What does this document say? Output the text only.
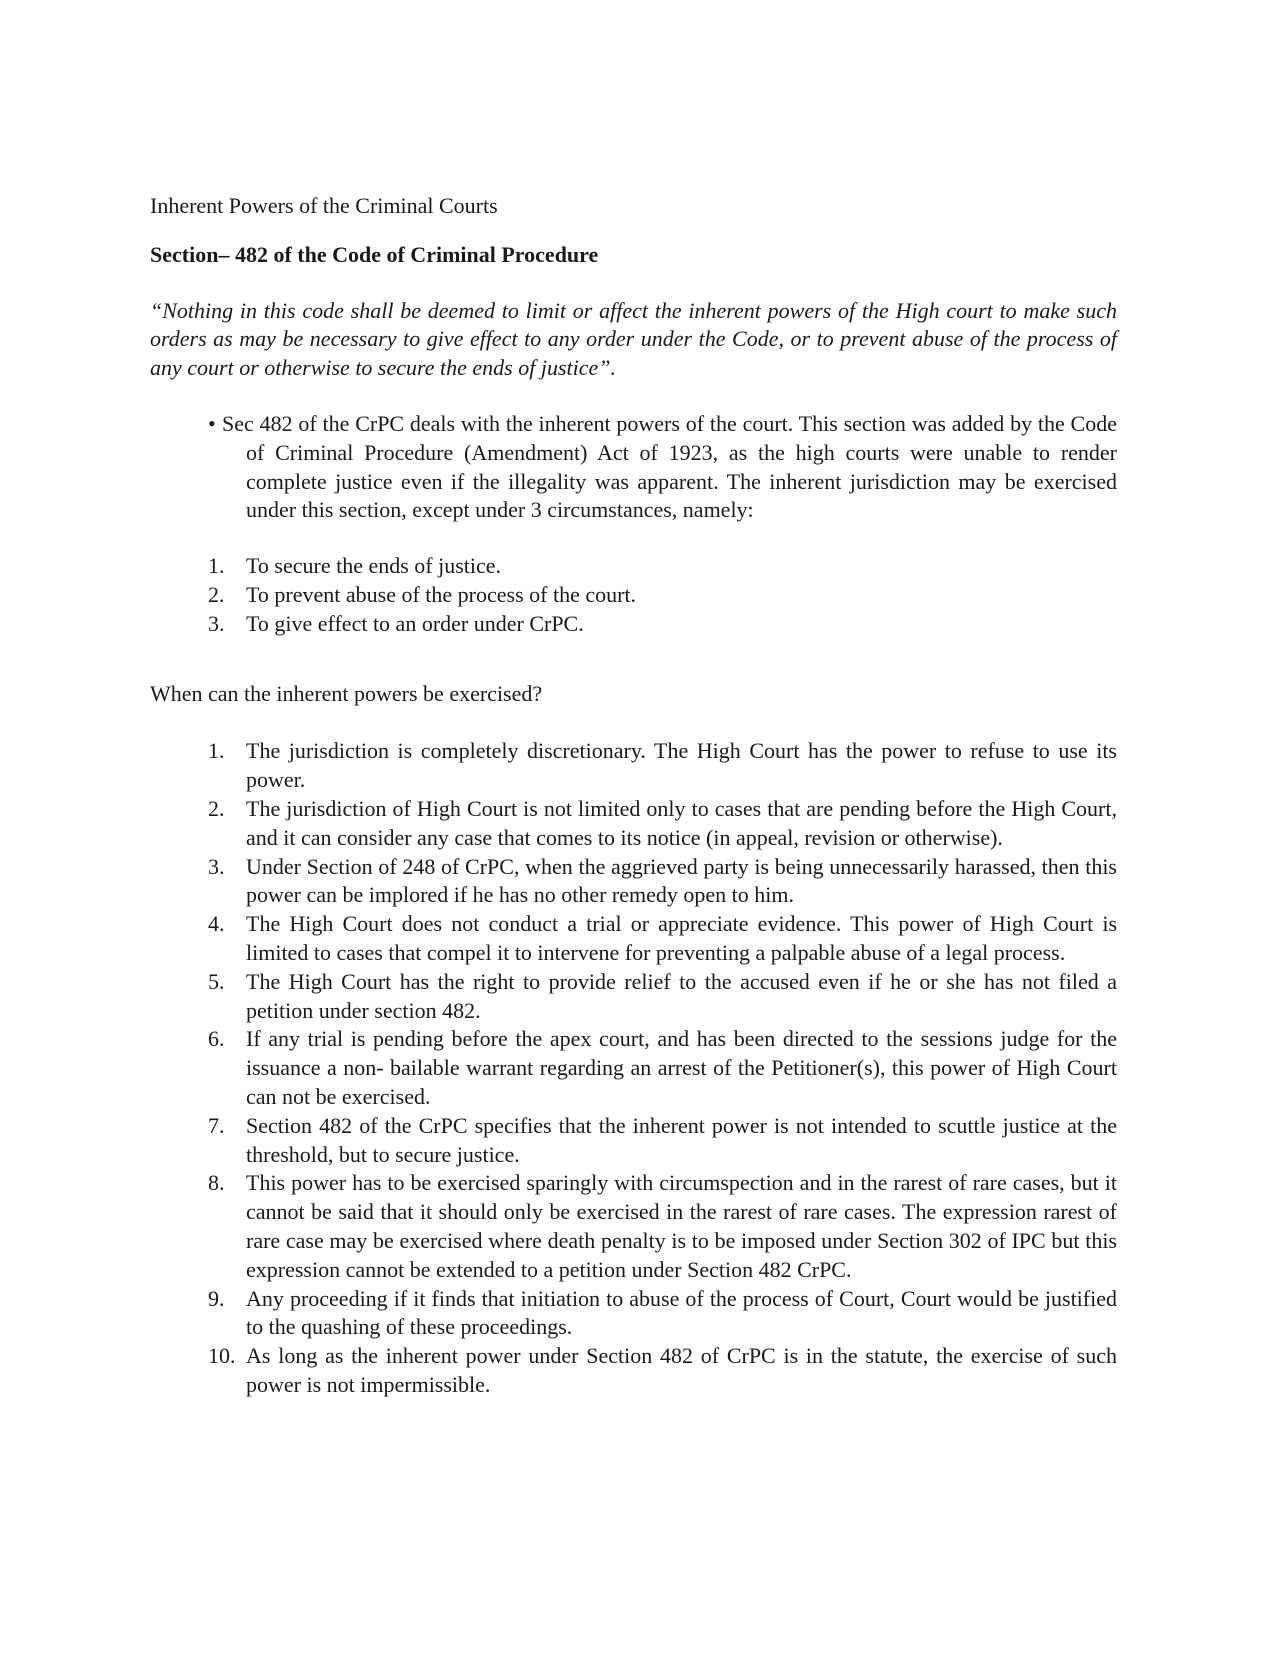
Inherent Powers of the Criminal Courts

Section– 482 of the Code of Criminal Procedure

“Nothing in this code shall be deemed to limit or affect the inherent powers of the High court to make such orders as may be necessary to give effect to any order under the Code, or to prevent abuse of the process of any court or otherwise to secure the ends of justice”.

• Sec 482 of the CrPC deals with the inherent powers of the court. This section was added by the Code of Criminal Procedure (Amendment) Act of 1923, as the high courts were unable to render complete justice even if the illegality was apparent. The inherent jurisdiction may be exercised under this section, except under 3 circumstances, namely:

1. To secure the ends of justice.
2. To prevent abuse of the process of the court.
3. To give effect to an order under CrPC.

When can the inherent powers be exercised?

1. The jurisdiction is completely discretionary. The High Court has the power to refuse to use its power.
2. The jurisdiction of High Court is not limited only to cases that are pending before the High Court, and it can consider any case that comes to its notice (in appeal, revision or otherwise).
3. Under Section of 248 of CrPC, when the aggrieved party is being unnecessarily harassed, then this power can be implored if he has no other remedy open to him.
4. The High Court does not conduct a trial or appreciate evidence. This power of High Court is limited to cases that compel it to intervene for preventing a palpable abuse of a legal process.
5. The High Court has the right to provide relief to the accused even if he or she has not filed a petition under section 482.
6. If any trial is pending before the apex court, and has been directed to the sessions judge for the issuance a non- bailable warrant regarding an arrest of the Petitioner(s), this power of High Court can not be exercised.
7. Section 482 of the CrPC specifies that the inherent power is not intended to scuttle justice at the threshold, but to secure justice.
8. This power has to be exercised sparingly with circumspection and in the rarest of rare cases, but it cannot be said that it should only be exercised in the rarest of rare cases. The expression rarest of rare case may be exercised where death penalty is to be imposed under Section 302 of IPC but this expression cannot be extended to a petition under Section 482 CrPC.
9. Any proceeding if it finds that initiation to abuse of the process of Court, Court would be justified to the quashing of these proceedings.
10. As long as the inherent power under Section 482 of CrPC is in the statute, the exercise of such power is not impermissible.
